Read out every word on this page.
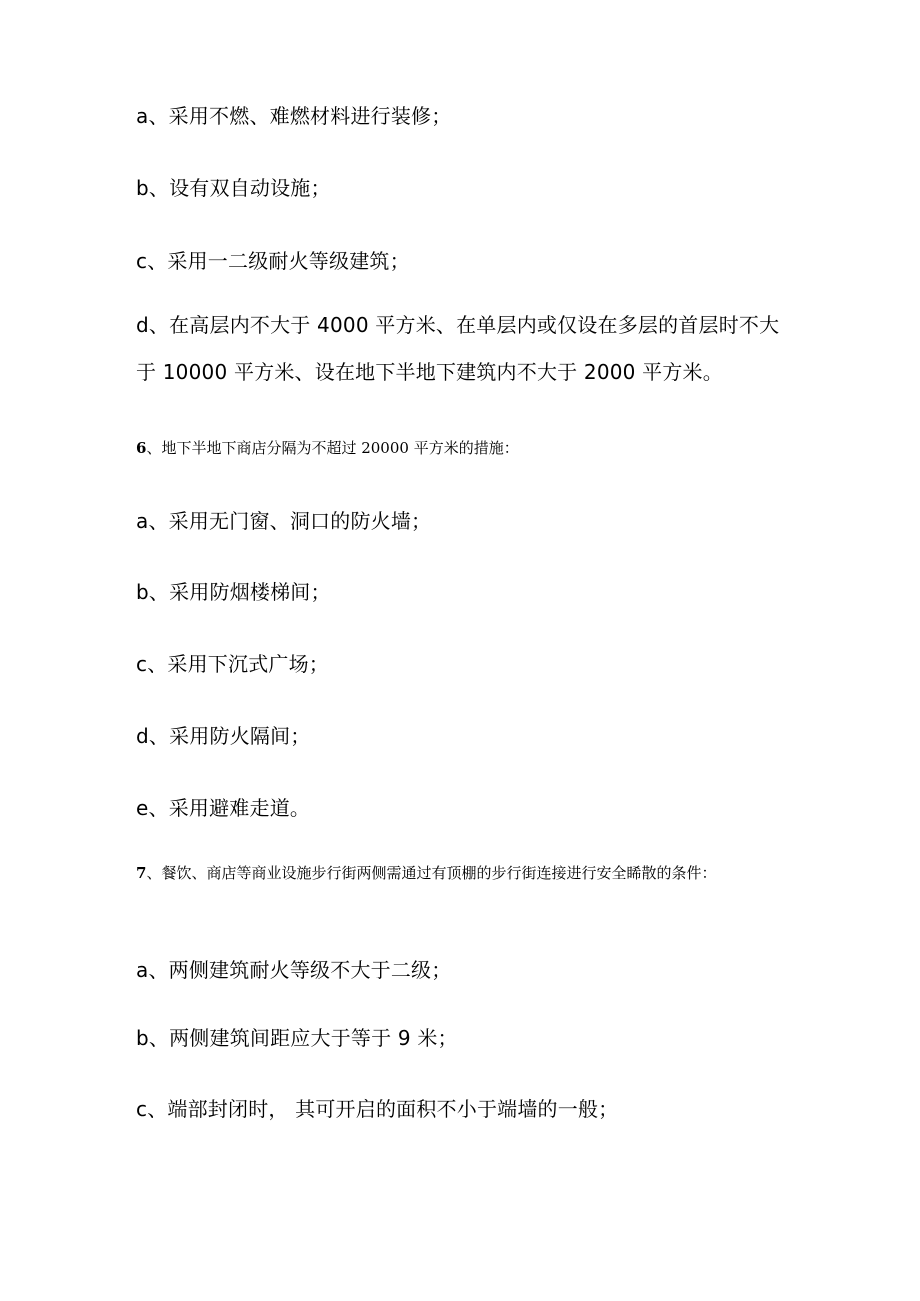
a、采用不燃、难燃材料进行装修；
b、设有双自动设施；
c、采用一二级耐火等级建筑；
d、在高层内不大于 4000 平方米、在单层内或仅设在多层的首层时不大
于 10000 平方米、设在地下半地下建筑内不大于 2000 平方米。
6、地下半地下商店分隔为不超过 20000 平方米的措施：
a、采用无门窗、洞口的防火墙；
b、采用防烟楼梯间；
c、采用下沉式广场；
d、采用防火隔间；
e、采用避难走道。
7、餐饮、商店等商业设施步行街两侧需通过有顶棚的步行街连接进行安全睎散的条件：
a、两侧建筑耐火等级不大于二级；
b、两侧建筑间距应大于等于 9 米；
c、端部封闭时， 其可开启的面积不小于端墙的一般；
